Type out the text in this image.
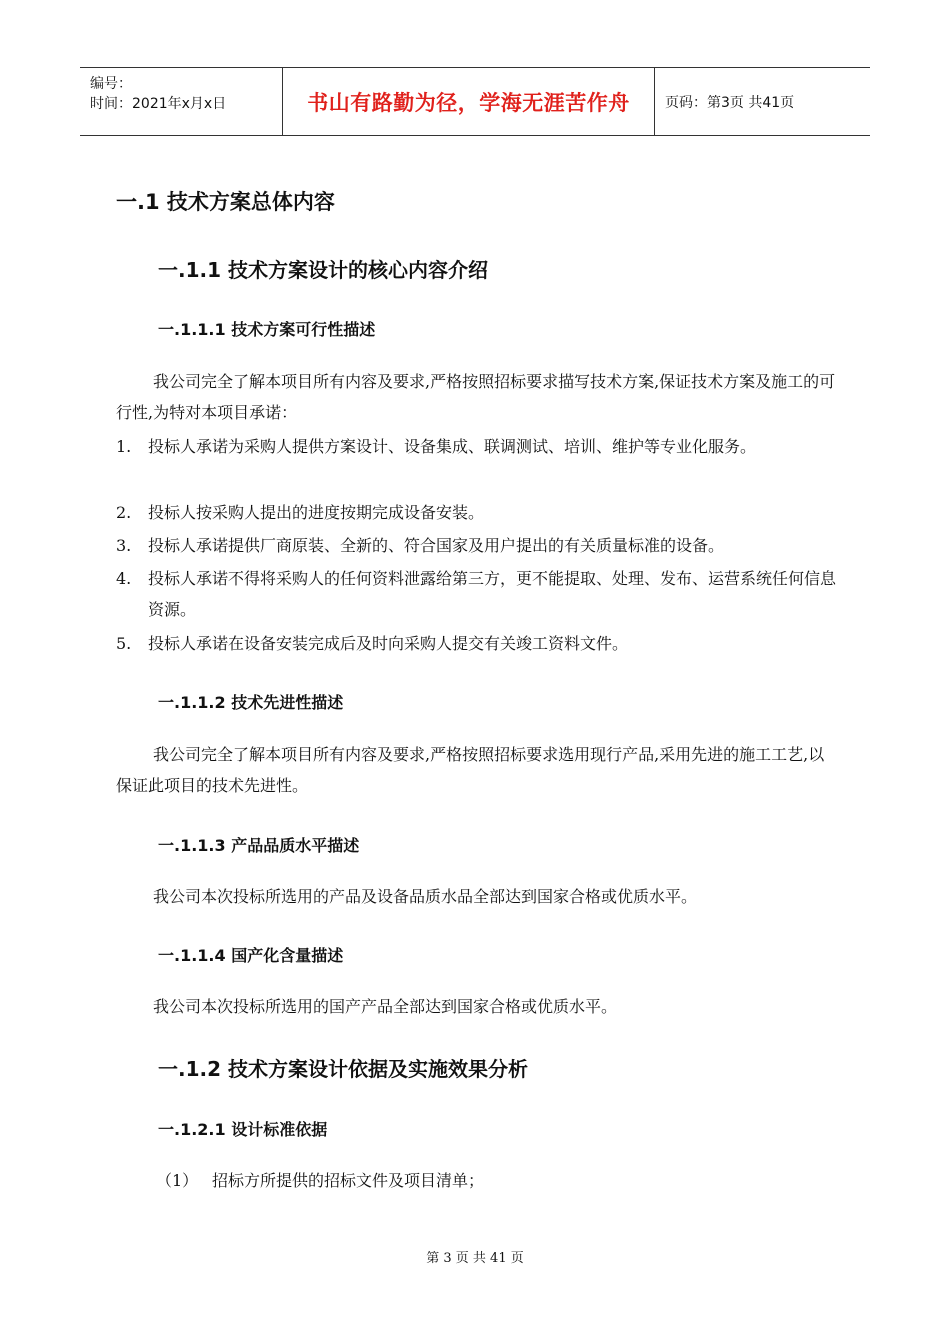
编号：
时间：2021年x月x日	书山有路勤为径，学海无涯苦作舟	页码：第3页 共41页
一.1 技术方案总体内容
一.1.1 技术方案设计的核心内容介绍
一.1.1.1 技术方案可行性描述
我公司完全了解本项目所有内容及要求,严格按照招标要求描写技术方案,保证技术方案及施工的可行性,为特对本项目承诺：
1. 投标人承诺为采购人提供方案设计、设备集成、联调测试、培训、维护等专业化服务。
2. 投标人按采购人提出的进度按期完成设备安装。
3. 投标人承诺提供厂商原装、全新的、符合国家及用户提出的有关质量标准的设备。
4. 投标人承诺不得将采购人的任何资料泄露给第三方，更不能提取、处理、发布、运营系统任何信息资源。
5. 投标人承诺在设备安装完成后及时向采购人提交有关竣工资料文件。
一.1.1.2 技术先进性描述
我公司完全了解本项目所有内容及要求,严格按照招标要求选用现行产品,采用先进的施工工艺,以保证此项目的技术先进性。
一.1.1.3 产品品质水平描述
我公司本次投标所选用的产品及设备品质水品全部达到国家合格或优质水平。
一.1.1.4 国产化含量描述
我公司本次投标所选用的国产产品全部达到国家合格或优质水平。
一.1.2 技术方案设计依据及实施效果分析
一.1.2.1 设计标准依据
（1） 招标方所提供的招标文件及项目清单；
第 3 页 共 41 页
